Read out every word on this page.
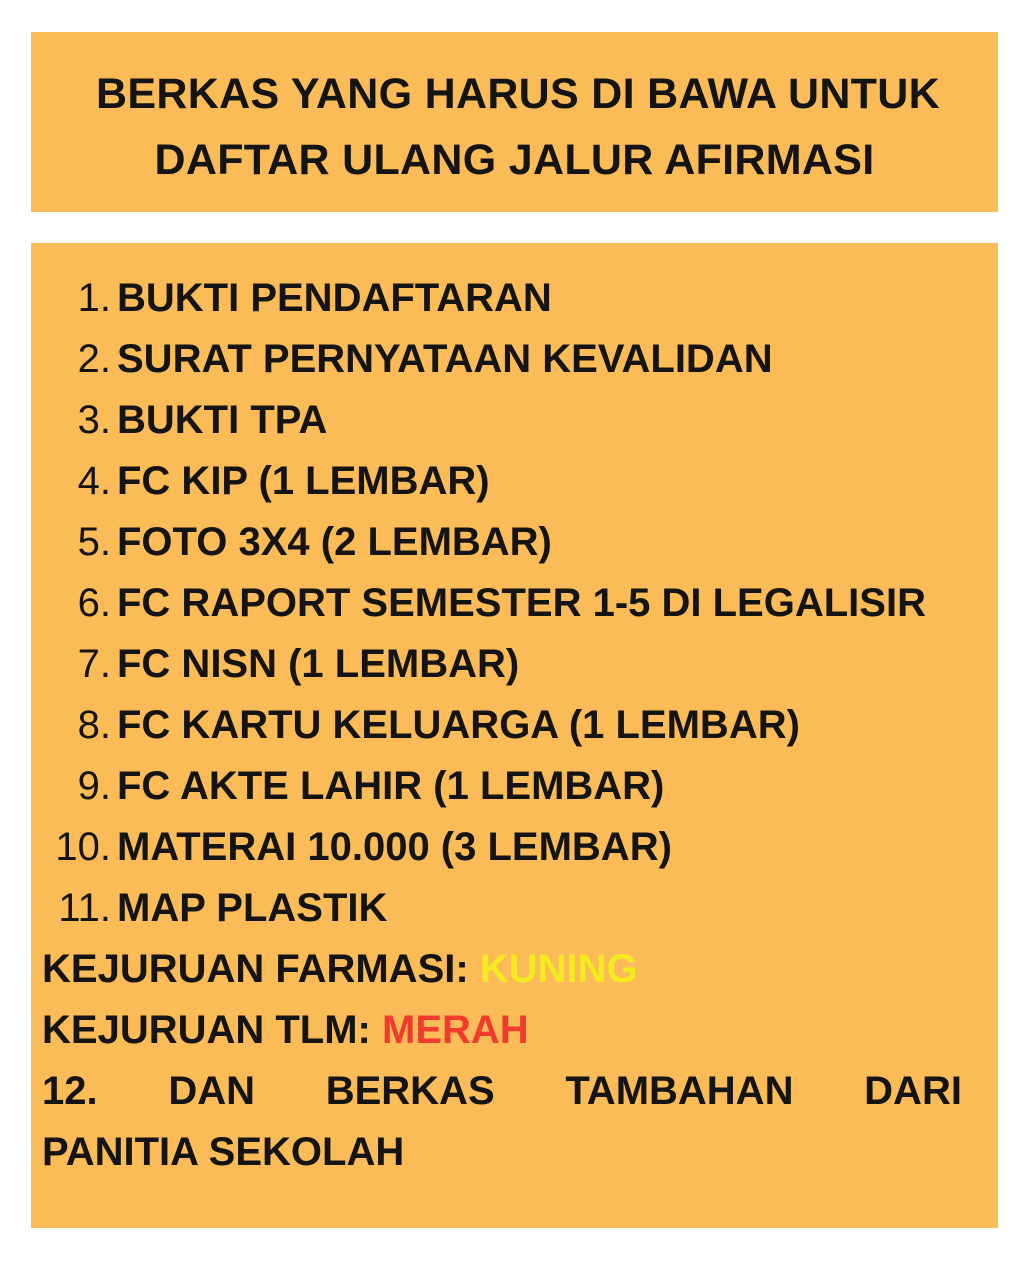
BERKAS YANG HARUS DI BAWA UNTUK
DAFTAR ULANG JALUR AFIRMASI
1. BUKTI PENDAFTARAN
2. SURAT PERNYATAAN KEVALIDAN
3. BUKTI TPA
4. FC KIP (1 LEMBAR)
5. FOTO 3X4 (2 LEMBAR)
6. FC RAPORT SEMESTER 1-5 DI LEGALISIR
7. FC NISN (1 LEMBAR)
8. FC KARTU KELUARGA (1 LEMBAR)
9. FC AKTE LAHIR (1 LEMBAR)
10. MATERAI 10.000 (3 LEMBAR)
11. MAP PLASTIK
KEJURUAN FARMASI: KUNING
KEJURUAN TLM: MERAH
12. DAN BERKAS TAMBAHAN DARI
PANITIA SEKOLAH
